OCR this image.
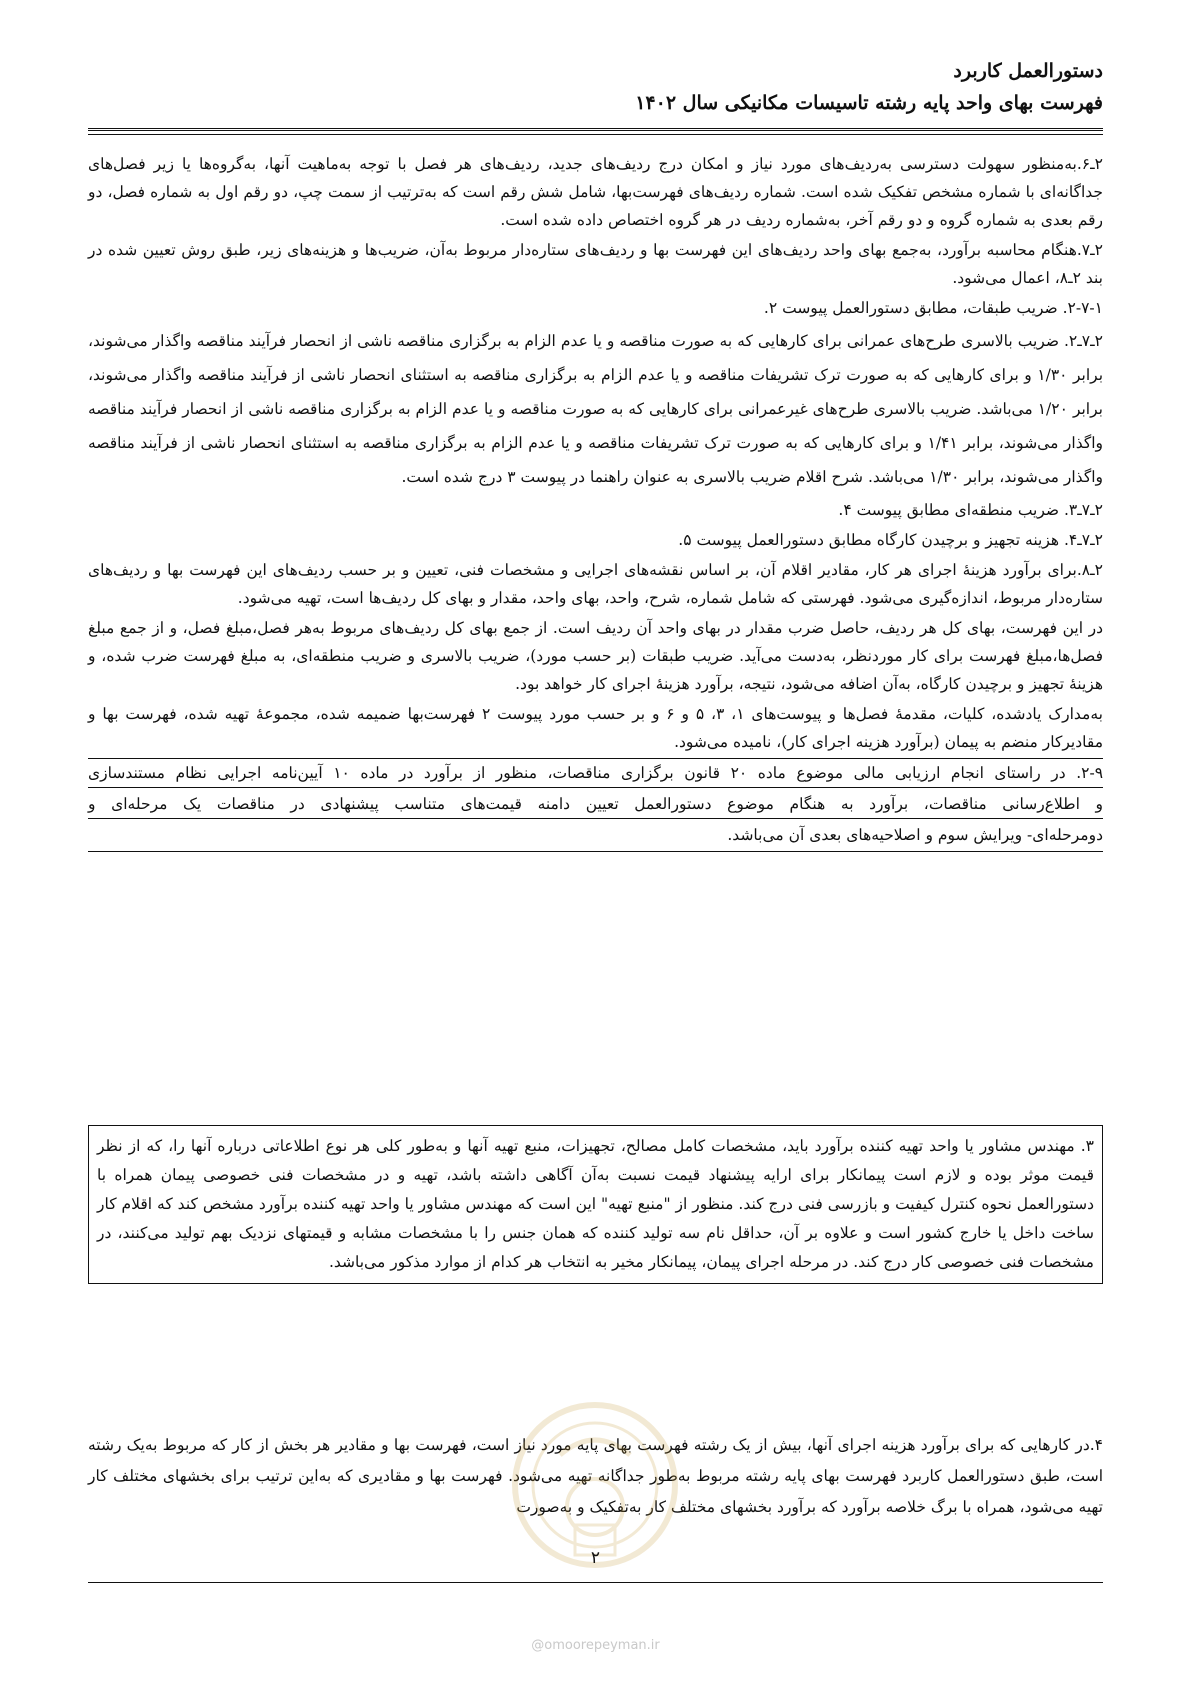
دستورالعمل کاربرد
فهرست بهای واحد پایه رشته تاسیسات مکانیکی سال ۱۴۰۲

۲ـ۶.به‌منظور سهولت دسترسی به‌ردیف‌های مورد نیاز و امکان درج ردیف‌های جدید، ردیف‌های هر فصل با توجه به‌ماهیت آنها، به‌گروه‌ها یا زیر فصل‌های جداگانه‌ای با شماره مشخص تفکیک شده است. شماره ردیف‌های فهرست‌بها، شامل شش رقم است که به‌ترتیب از سمت چپ، دو رقم اول به شماره فصل، دو رقم بعدی به شماره گروه و دو رقم آخر، به‌شماره ردیف در هر گروه اختصاص داده شده است.

۲ـ۷.هنگام محاسبه برآورد، به‌جمع بهای واحد ردیف‌های این فهرست بها و ردیف‌های ستاره‌دار مربوط به‌آن، ضریب‌ها و هزینه‌های زیر، طبق روش تعیین شده در بند ۲ـ۸، اعمال می‌شود.

۲-۷-۱. ضریب طبقات، مطابق دستورالعمل پیوست ۲.

۲ـ۷ـ۲. ضریب بالاسری طرح‌های عمرانی برای کارهایی که به صورت مناقصه و یا عدم الزام به برگزاری مناقصه ناشی از انحصار فرآیند مناقصه واگذار می‌شوند، برابر ۱/۳۰ و برای کارهایی که به صورت ترک تشریفات مناقصه و یا عدم الزام به برگزاری مناقصه به استثنای انحصار ناشی از فرآیند مناقصه واگذار می‌شوند، برابر ۱/۲۰ می‌باشد. ضریب بالاسری طرح‌های غیرعمرانی برای کارهایی که به صورت مناقصه و یا عدم الزام به برگزاری مناقصه ناشی از انحصار فرآیند مناقصه واگذار می‌شوند، برابر ۱/۴۱ و برای کارهایی که به صورت ترک تشریفات مناقصه و یا عدم الزام به برگزاری مناقصه به استثنای انحصار ناشی از فرآیند مناقصه واگذار می‌شوند، برابر ۱/۳۰ می‌باشد. شرح اقلام ضریب بالاسری به عنوان راهنما در پیوست ۳ درج شده است.

۲ـ۷ـ۳. ضریب منطقه‌ای مطابق پیوست ۴.

۲ـ۷ـ۴. هزینه تجهیز و برچیدن کارگاه مطابق دستورالعمل پیوست ۵.

۲ـ۸.برای برآورد هزینهٔ اجرای هر کار، مقادیر اقلام آن، بر اساس نقشه‌های اجرایی و مشخصات فنی، تعیین و بر حسب ردیف‌های این فهرست بها و ردیف‌های ستاره‌دار مربوط، اندازه‌گیری می‌شود. فهرستی که شامل شماره، شرح، واحد، بهای واحد، مقدار و بهای کل ردیف‌ها است، تهیه می‌شود.

در این فهرست، بهای کل هر ردیف، حاصل ضرب مقدار در بهای واحد آن ردیف است. از جمع بهای کل ردیف‌های مربوط به‌هر فصل،مبلغ فصل، و از جمع مبلغ فصل‌ها،مبلغ فهرست برای کار موردنظر، به‌دست می‌آید. ضریب طبقات (بر حسب مورد)، ضریب بالاسری و ضریب منطقه‌ای، به مبلغ فهرست ضرب شده، و هزینهٔ تجهیز و برچیدن کارگاه، به‌آن اضافه می‌شود، نتیجه، برآورد هزینهٔ اجرای کار خواهد بود.

به‌مدارک یادشده، کلیات، مقدمهٔ فصل‌ها و پیوست‌های ۱، ۳، ۵ و ۶ و بر حسب مورد پیوست ۲ فهرست‌بها ضمیمه شده، مجموعهٔ تهیه شده، فهرست بها و مقادیرکار منضم به پیمان (برآورد هزینه اجرای کار)، نامیده می‌شود.

۲-۹. در راستای انجام ارزیابی مالی موضوع ماده ۲۰ قانون برگزاری مناقصات، منظور از برآورد در ماده ۱۰ آیین‌نامه اجرایی نظام مستندسازی

و اطلاع‌رسانی مناقصات، برآورد به هنگام موضوع دستورالعمل تعیین دامنه قیمت‌های متناسب پیشنهادی در مناقصات یک مرحله‌ای و

دومرحله‌ای- ویرایش سوم و اصلاحیه‌های بعدی آن می‌باشد.

۳. مهندس مشاور یا واحد تهیه کننده برآورد باید، مشخصات کامل مصالح، تجهیزات، منبع تهیه آنها و به‌طور کلی هر نوع اطلاعاتی درباره آنها را، که از نظر قیمت موثر بوده و لازم است پیمانکار برای ارایه پیشنهاد قیمت نسبت به‌آن آگاهی داشته باشد، تهیه و در مشخصات فنی خصوصی پیمان همراه با دستورالعمل نحوه کنترل کیفیت و بازرسی فنی درج کند. منظور از "منبع تهیه" این است که مهندس مشاور یا واحد تهیه کننده برآورد مشخص کند که اقلام کار ساخت داخل یا خارج کشور است و علاوه بر آن، حداقل نام سه تولید کننده که همان جنس را با مشخصات مشابه و قیمتهای نزدیک بهم تولید می‌کنند، در مشخصات فنی خصوصی کار درج کند. در مرحله اجرای پیمان، پیمانکار مخیر به انتخاب هر کدام از موارد مذکور می‌باشد.
۴.در کارهایی که برای برآورد هزینه اجرای آنها، بیش از یک رشته فهرست بهای پایه مورد نیاز است، فهرست بها و مقادیر هر بخش از کار که مربوط به‌یک رشته است، طبق دستورالعمل کاربرد فهرست بهای پایه رشته مربوط به‌طور جداگانه تهیه می‌شود. فهرست بها و مقادیری که به‌این ترتیب برای بخشهای مختلف کار تهیه می‌شود، همراه با برگ خلاصه برآورد که برآورد بخشهای مختلف کار به‌تفکیک و به‌صورت
۲
@omoorepeyman.ir
